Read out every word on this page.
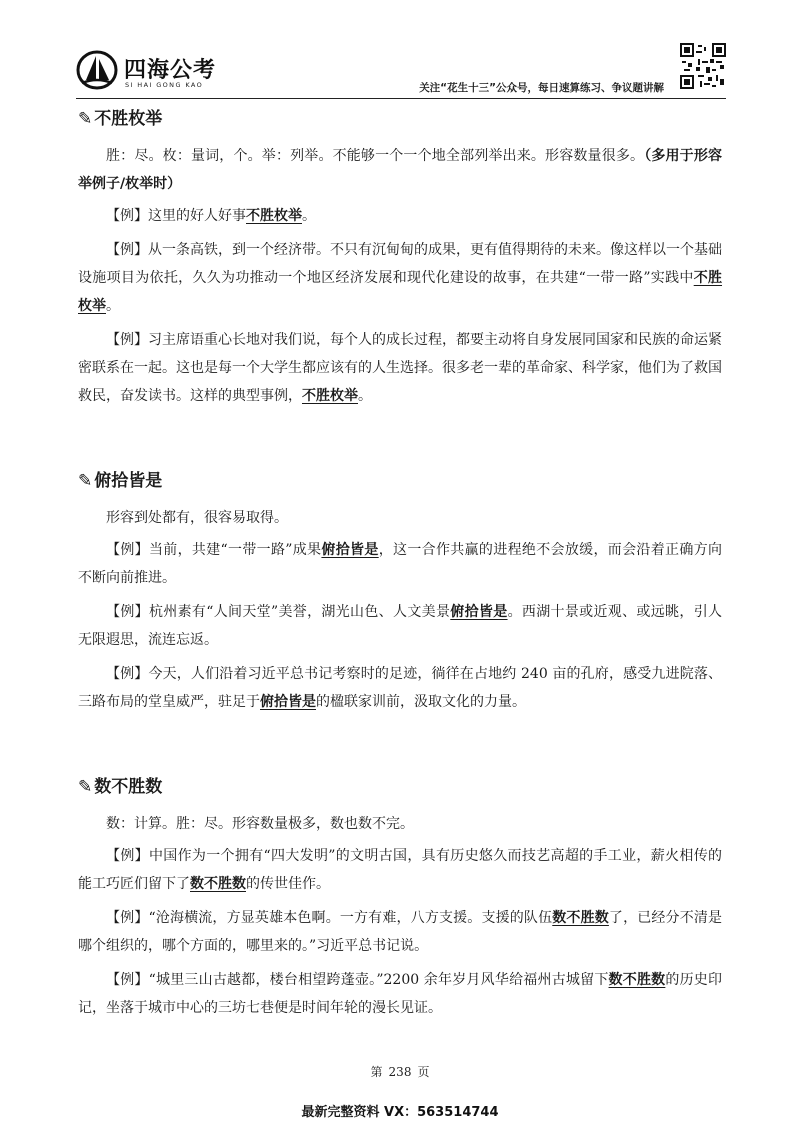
四海公考
SI HAI GONG KAO	关注“花生十三”公众号，每日速算练习、争议题讲解
✎ 不胜枚举

胜：尽。枚：量词，个。举：列举。不能够一个一个地全部列举出来。形容数量很多。（多用于形容举例子/枚举时）

【例】这里的好人好事不胜枚举。

【例】从一条高铁，到一个经济带。不只有沉甸甸的成果，更有值得期待的未来。像这样以一个基础设施项目为依托，久久为功推动一个地区经济发展和现代化建设的故事，在共建“一带一路”实践中不胜枚举。

【例】习主席语重心长地对我们说，每个人的成长过程，都要主动将自身发展同国家和民族的命运紧密联系在一起。这也是每一个大学生都应该有的人生选择。很多老一辈的革命家、科学家，他们为了救国救民，奋发读书。这样的典型事例，不胜枚举。

✎ 俯拾皆是

形容到处都有，很容易取得。

【例】当前，共建“一带一路”成果俯拾皆是，这一合作共赢的进程绝不会放缓，而会沿着正确方向不断向前推进。

【例】杭州素有“人间天堂”美誉，湖光山色、人文美景俯拾皆是。西湖十景或近观、或远眺，引人无限遐思，流连忘返。

【例】今天，人们沿着习近平总书记考察时的足迹，徜徉在占地约 240 亩的孔府，感受九进院落、三路布局的堂皇威严，驻足于俯拾皆是的楹联家训前，汲取文化的力量。

✎ 数不胜数

数：计算。胜：尽。形容数量极多，数也数不完。

【例】中国作为一个拥有“四大发明”的文明古国，具有历史悠久而技艺高超的手工业，薪火相传的能工巧匠们留下了数不胜数的传世佳作。

【例】“沧海横流，方显英雄本色啊。一方有难，八方支援。支援的队伍数不胜数了，已经分不清是哪个组织的，哪个方面的，哪里来的。”习近平总书记说。

【例】“城里三山古越都，楼台相望跨蓬壶。”2200 余年岁月风华给福州古城留下数不胜数的历史印记，坐落于城市中心的三坊七巷便是时间年轮的漫长见证。

第 238 页
最新完整资料 VX：563514744
